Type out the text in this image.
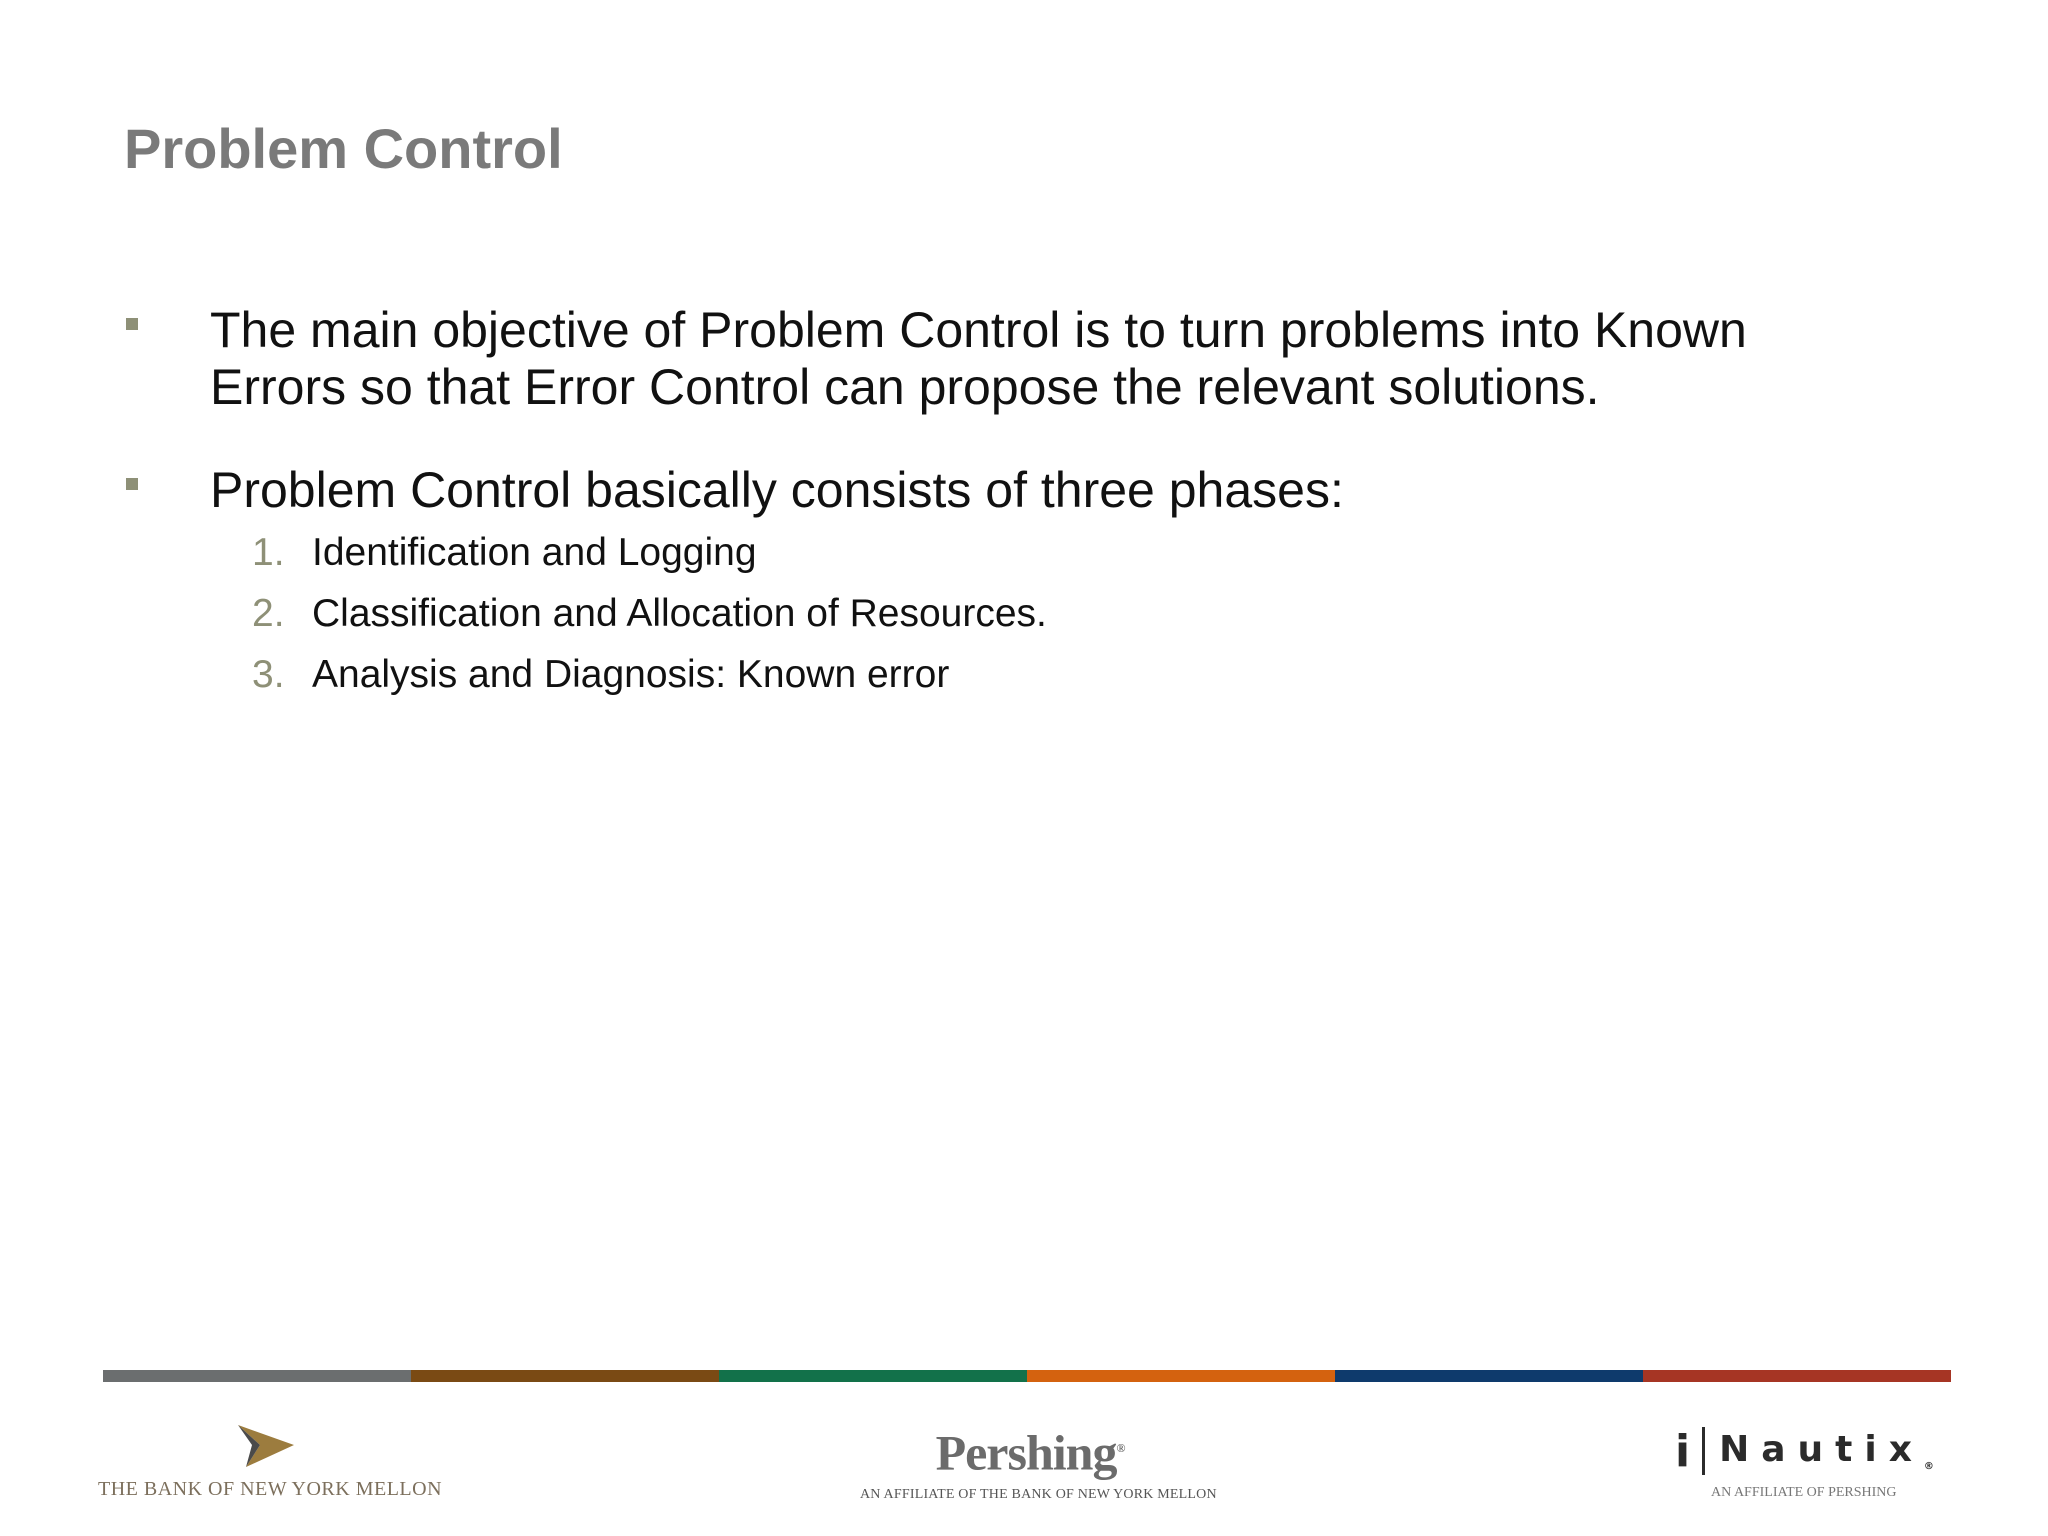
Problem Control
The main objective of Problem Control is to turn problems into Known
Errors so that Error Control can propose the relevant solutions.
Problem Control basically consists of three phases:
1. Identification and Logging
2. Classification and Allocation of Resources.
3. Analysis and Diagnosis: Known error
THE BANK OF NEW YORK MELLON
Pershing®
AN AFFILIATE OF THE BANK OF NEW YORK MELLON
i Nautix$_®$
AN AFFILIATE OF PERSHING
